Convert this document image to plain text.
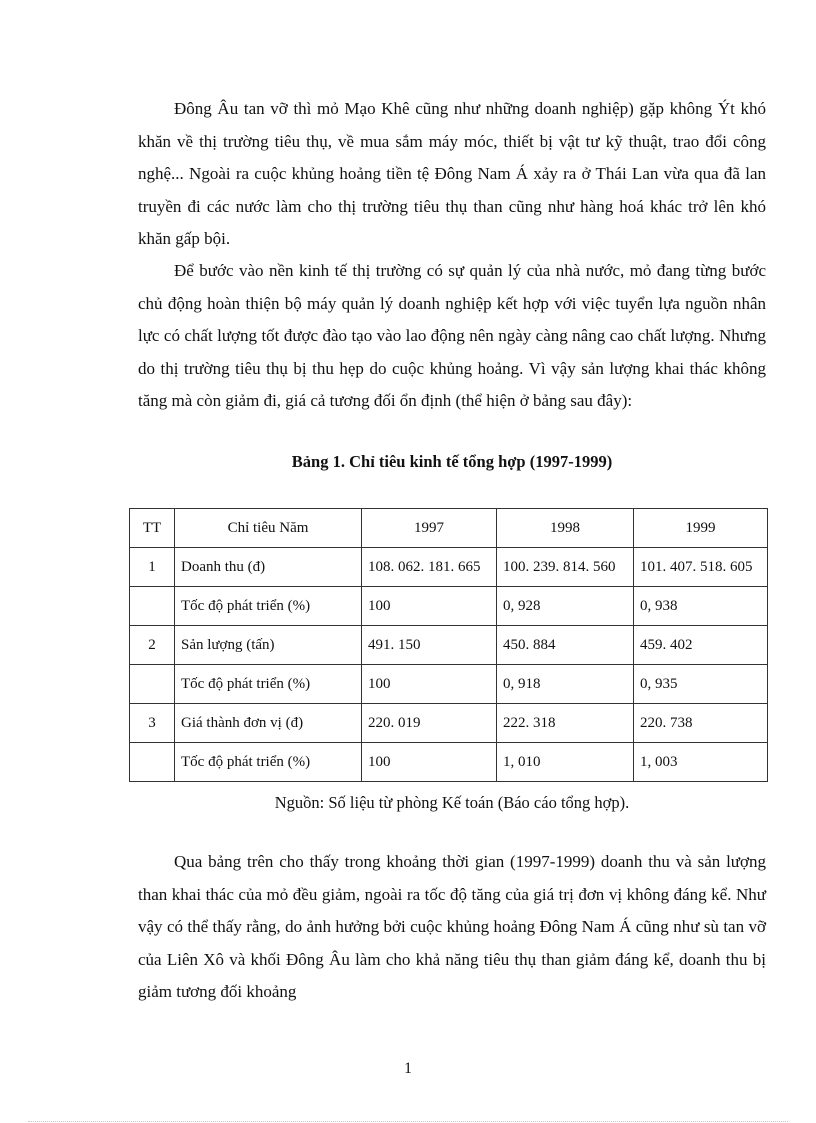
Đông Âu tan vỡ thì mỏ Mạo Khê cũng như những doanh nghiệp) gặp không Ýt khó khăn về thị trường tiêu thụ, về mua sắm máy móc, thiết bị vật tư kỹ thuật, trao đổi công nghệ... Ngoài ra cuộc khủng hoảng tiền tệ Đông Nam Á xảy ra ở Thái Lan vừa qua đã lan truyền đi các nước làm cho thị trường tiêu thụ than cũng như hàng hoá khác trở lên khó khăn gấp bội.

Để bước vào nền kinh tế thị trường có sự quản lý của nhà nước, mỏ đang từng bước chủ động hoàn thiện bộ máy quản lý doanh nghiệp kết hợp với việc tuyển lựa nguồn nhân lực có chất lượng tốt được đào tạo vào lao động nên ngày càng nâng cao chất lượng. Nhưng do thị trường tiêu thụ bị thu hẹp do cuộc khủng hoảng. Vì vậy sản lượng khai thác không tăng mà còn giảm đi, giá cả tương đối ổn định (thể hiện ở bảng sau đây):

Bảng 1. Chỉ tiêu kinh tế tổng hợp (1997-1999)

TT	Chỉ tiêu Năm	1997	1998	1999
1	Doanh thu (đ)	108. 062. 181. 665	100. 239. 814. 560	101. 407. 518. 605
	Tốc độ phát triển (%)	100	0, 928	0, 938
2	Sản lượng (tấn)	491. 150	450. 884	459. 402
	Tốc độ phát triển (%)	100	0, 918	0, 935
3	Giá thành đơn vị (đ)	220. 019	222. 318	220. 738
	Tốc độ phát triển (%)	100	1, 010	1, 003

Nguồn: Số liệu từ phòng Kế toán (Báo cáo tổng hợp).

Qua bảng trên cho thấy trong khoảng thời gian (1997-1999) doanh thu và sản lượng than khai thác của mỏ đều giảm, ngoài ra tốc độ tăng của giá trị đơn vị không đáng kể. Như vậy có thể thấy rằng, do ảnh hưởng bởi cuộc khủng hoảng Đông Nam Á cũng như sù tan vỡ của Liên Xô và khối Đông Âu làm cho khả năng tiêu thụ than giảm đáng kể, doanh thu bị giảm tương đối khoảng

1
